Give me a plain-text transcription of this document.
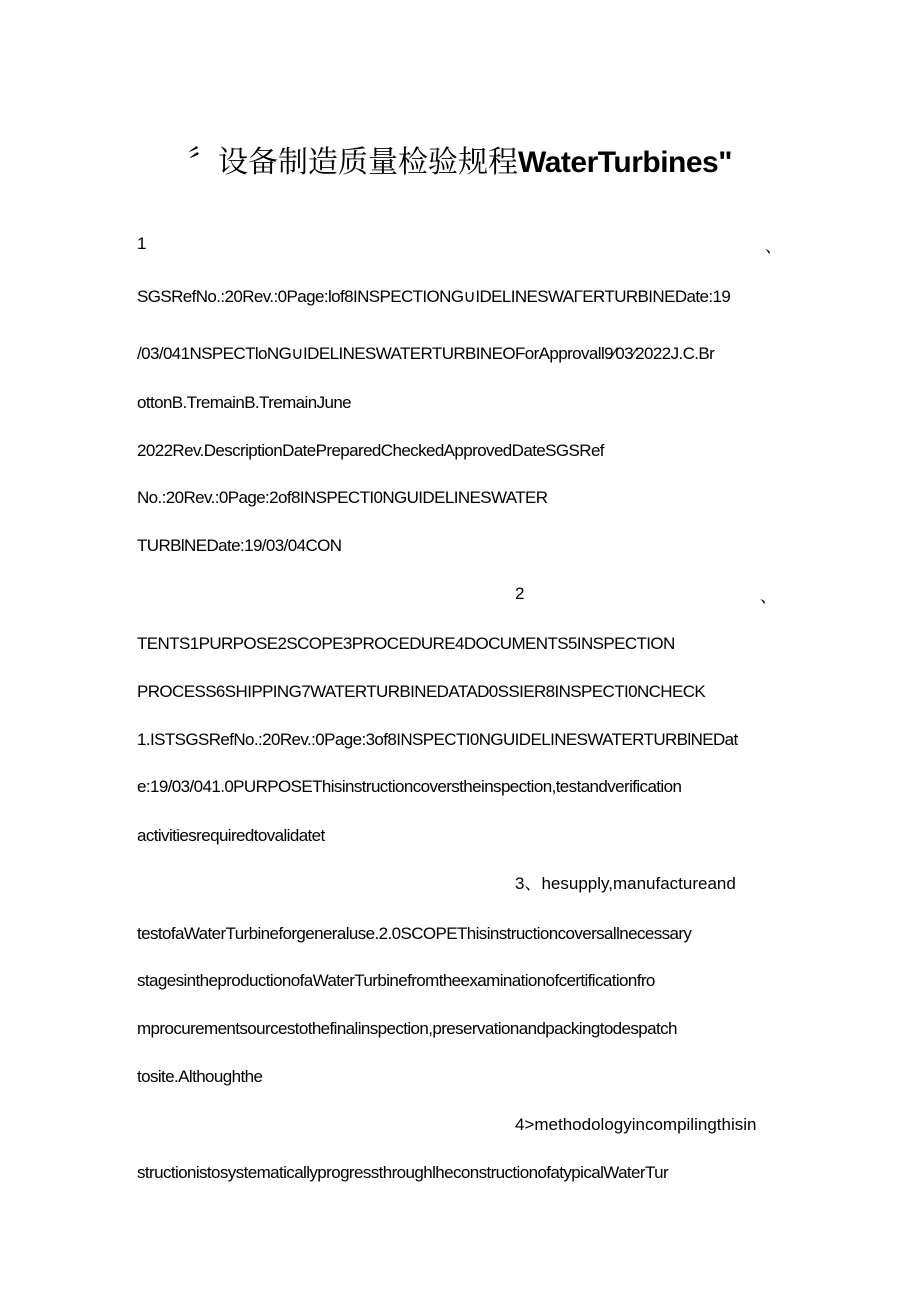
〞设备制造质量检验规程WaterTurbines"
1	、
SGSRefNo.:20Rev.:0Page:lof8INSPECTIONG∪IDELINESWAΓERTURBINEDate:19
/03/041NSPECTloNG∪IDELINESWATERTURBINEOForApprovall9⁄03⁄2022J.C.Br
ottonB.TremainB.TremainJune
2022Rev.DescriptionDatePreparedCheckedApprovedDateSGSRef
No.:20Rev.:0Page:2of8INSPECTI0NGUIDELINESWATER
TURBlNEDate:19/03/04CON
2	、
TENTS1PURPOSE2SCOPE3PROCEDURE4DOCUMENTS5INSPECTION
PROCESS6SHIPPING7WATERTURBINEDATAD0SSIER8INSPECTI0NCHECK
1.ISTSGSRefNo.:20Rev.:0Page:3of8INSPECTI0NGUIDELINESWATERTURBlNEDat
e:19/03/041.0PURPOSEThisinstructioncoverstheinspection,testandverification
activitiesrequiredtovalidatet
3、hesupply,manufactureand
testofaWaterTurbineforgeneraluse.2.0SCOPEThisinstructioncoversallnecessary
stagesintheproductionofaWaterTurbinefromtheexaminationofcertificationfro
mprocurementsourcestothefinalinspection,preservationandpackingtodespatch
tosite.Althoughthe
4>methodologyincompilingthisin
structionistosystematicallyprogressthroughlheconstructionofatypicalWaterTur
